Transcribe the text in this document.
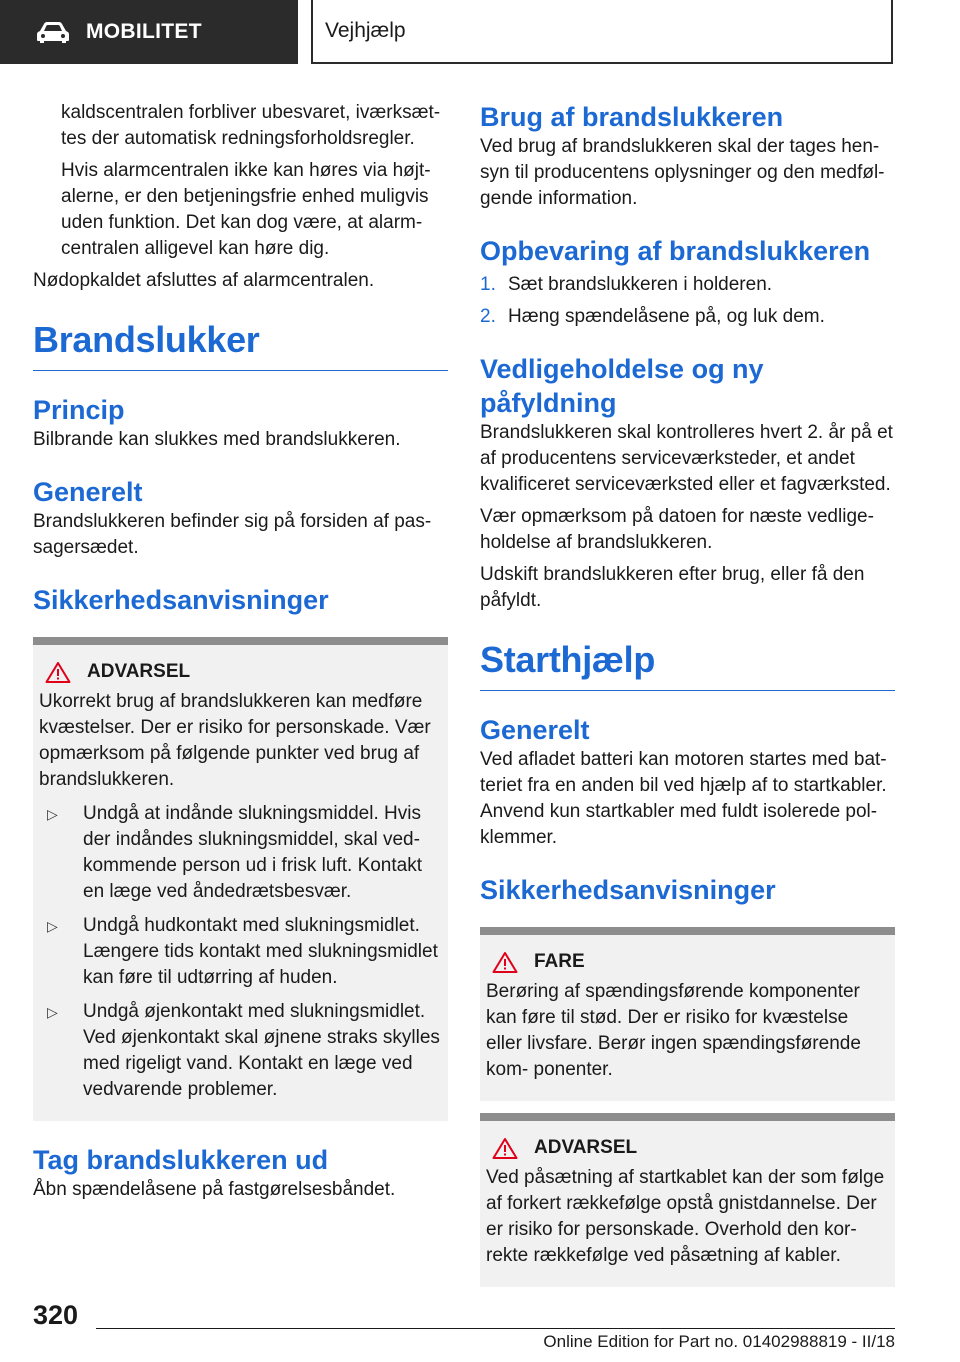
MOBILITET	Vejhjælp

kaldscentralen forbliver ubesvaret, iværksæt‐ tes der automatisk redningsforholdsregler.

Hvis alarmcentralen ikke kan høres via højt‐ alerne, er den betjeningsfrie enhed muligvis uden funktion. Det kan dog være, at alarm‐ centralen alligevel kan høre dig.

Nødopkaldet afsluttes af alarmcentralen.

Brandslukker
Princip

Bilbrande kan slukkes med brandslukkeren.

Generelt

Brandslukkeren befinder sig på forsiden af pas‐ sagersædet.

Sikkerhedsanvisninger
ADVARSEL

Ukorrekt brug af brandslukkeren kan medføre kvæstelser. Der er risiko for personskade. Vær opmærksom på følgende punkter ved brug af brandslukkeren.

▷	Undgå at indånde slukningsmiddel. Hvis der indåndes slukningsmiddel, skal ved‐ kommende person ud i frisk luft. Kontakt en læge ved åndedrætsbesvær.

▷	Undgå hudkontakt med slukningsmidlet. Længere tids kontakt med slukningsmidlet kan føre til udtørring af huden.

▷	Undgå øjenkontakt med slukningsmidlet. Ved øjenkontakt skal øjnene straks skylles med rigeligt vand. Kontakt en læge ved vedvarende problemer.

Tag brandslukkeren ud

Åbn spændelåsene på fastgørelsesbåndet.

Brug af brandslukkeren

Ved brug af brandslukkeren skal der tages hen‐ syn til producentens oplysninger og den medføl‐ gende information.

Opbevaring af brandslukkeren
1. Sæt brandslukkeren i holderen.

2. Hæng spændelåsene på, og luk dem.

Vedligeholdelse og ny påfyldning

Brandslukkeren skal kontrolleres hvert 2. år på et af producentens serviceværksteder, et andet kvalificeret serviceværksted eller et fagværksted.

Vær opmærksom på datoen for næste vedlige‐ holdelse af brandslukkeren.

Udskift brandslukkeren efter brug, eller få den påfyldt.

Starthjælp
Generelt

Ved afladet batteri kan motoren startes med bat‐ teriet fra en anden bil ved hjælp af to startkabler. Anvend kun startkabler med fuldt isolerede pol‐ klemmer.

Sikkerhedsanvisninger
FARE

Berøring af spændingsførende komponenter kan føre til stød. Der er risiko for kvæstelse eller livsfare. Berør ingen spændingsførende kom‐ ponenter.

ADVARSEL

Ved påsætning af startkablet kan der som følge af forkert rækkefølge opstå gnistdannelse. Der er risiko for personskade. Overhold den kor‐ rekte rækkefølge ved påsætning af kabler.

320
Online Edition for Part no. 01402988819 - II/18
